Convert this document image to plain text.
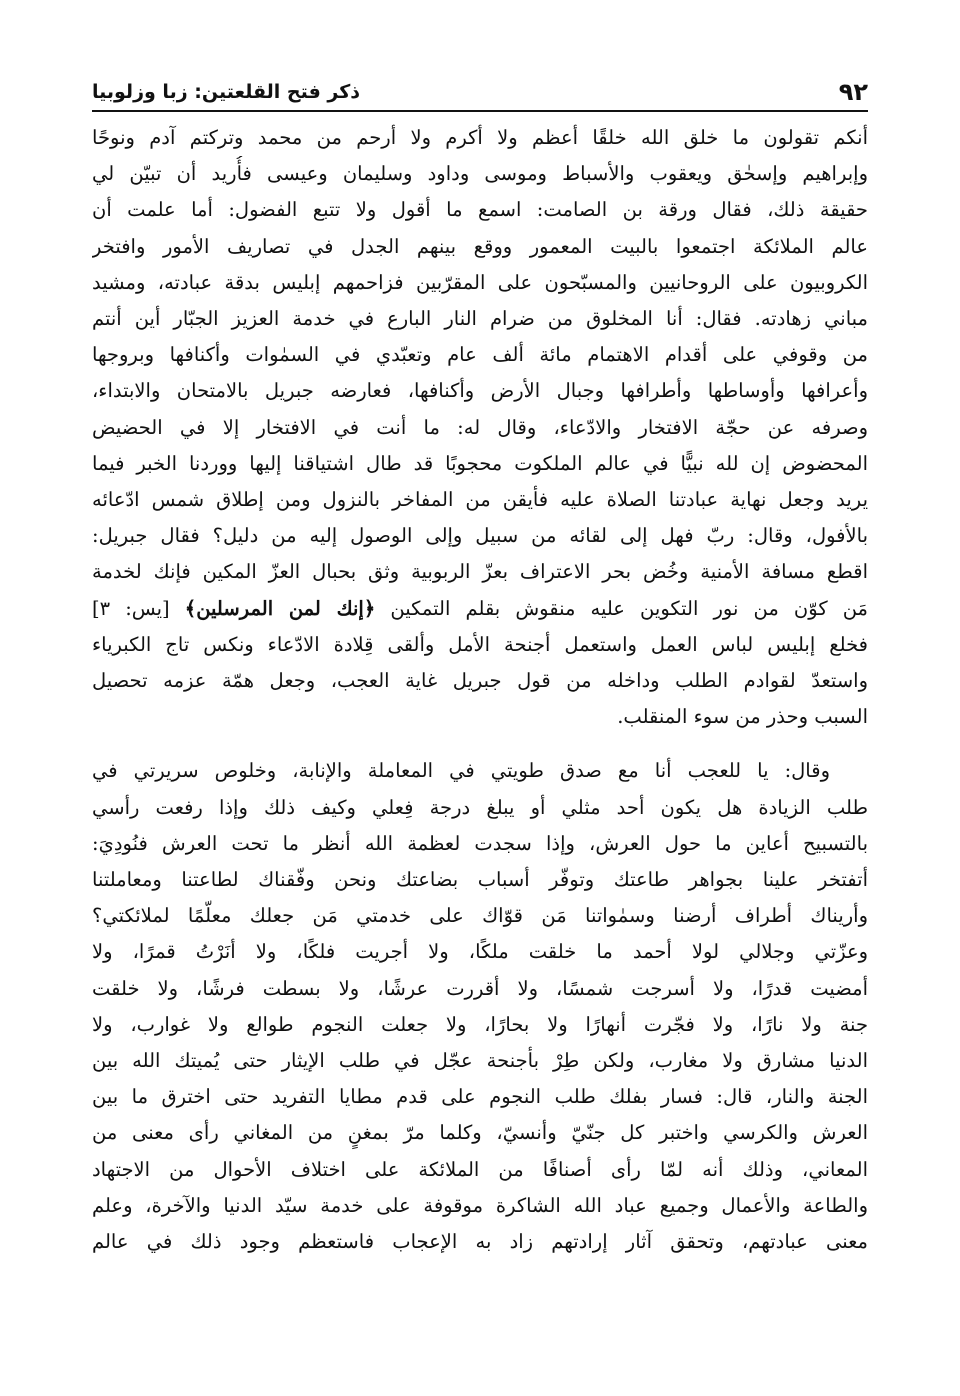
٩٢
ذكر فتح القلعتين: زبا وزلوبيا
أنكم تقولون ما خلق الله خلقًا أعظم ولا أكرم ولا أرحم من محمد وتركتم آدم ونوحًا
وإبراهيم وإسحٰق ويعقوب والأسباط وموسى وداود وسليمان وعيسى فأُريد أن تبيّن لي
حقيقة ذلك، فقال ورقة بن الصامت: اسمع ما أقول ولا تتبع الفضول: أما علمت أن
عالم الملائكة اجتمعوا بالبيت المعمور ووقع بينهم الجدل في تصاريف الأمور وافتخر
الكروبيون على الروحانيين والمسبّحون على المقرّبين فزاحمهم إبليس بدقة عبادته، ومشيد
مباني زهادته. فقال: أنا المخلوق من ضرام النار البارع في خدمة العزيز الجبّار أين أنتم
من وقوفي على أقدام الاهتمام مائة ألف عام وتعبّدي في السمٰوات وأكنافها وبروجها
وأعرافها وأوساطها وأطرافها وجبال الأرض وأكنافها، فعارضه جبريل بالامتحان والابتداء،
وصرفه عن حجّة الافتخار والادّعاء، وقال له: ما أنت في الافتخار إلا في الحضيض
المحضوض إن لله نبيًّا في عالم الملكوت محجوبًا قد طال اشتياقنا إليها ووردنا الخبر فيما
يريد وجعل نهاية عبادتنا الصلاة عليه فأيقن من المفاخر بالنزول ومن إطلاق شمس ادّعائه
بالأفول، وقال: ربّ فهل إلى لقائه من سبيل وإلى الوصول إليه من دليل؟ فقال جبريل:
اقطع مسافة الأمنية وخُض بحر الاعتراف بعزّ الربوبية وثق بحبال العزّ المكين فإنك لخدمة
مَن كوّن من نور التكوين عليه منقوش بقلم التمكين ﴿إنك لمن المرسلين﴾ [يس: ٣]
فخلع إبليس لباس العمل واستعمل أجنحة الأمل وألقى قِلادة الادّعاء ونكس تاج الكبرياء
واستعدّ لقوادم الطلب وداخله من قول جبريل غاية العجب، وجعل همّة عزمه تحصيل
السبب وحذر من سوء المنقلب.
وقال: يا للعجب أنا مع صدق طويتي في المعاملة والإنابة، وخلوص سريرتي في
طلب الزيادة هل يكون أحد مثلي أو يبلغ درجة فِعلي وكيف ذلك وإذا رفعت رأسي
بالتسبيح أعاين ما حول العرش، وإذا سجدت لعظمة الله أنظر ما تحت العرش فنُودِيَ:
أتفتخر علينا بجواهر طاعتك وتوفّر أسباب بضاعتك ونحن وفّقناك لطاعتنا ومعاملتنا
وأريناك أطراف أرضنا وسمٰواتنا مَن قوّاك على خدمتي مَن جعلك معلّمًا لملائكتي؟
وعزّتي وجلالي لولا أحمد ما خلقت ملكًا، ولا أجريت فلكًا، ولا أنَرْتُ قمرًا، ولا
أمضيت قدرًا، ولا أسرجت شمسًا، ولا أقررت عرشًا، ولا بسطت فرشًا، ولا خلقت
جنة ولا نارًا، ولا فجّرت أنهارًا ولا بحارًا، ولا جعلت النجوم طوالع ولا غوارب، ولا
الدنيا مشارق ولا مغارب، ولكن طِرْ بأجنحة عجّل في طلب الإيثار حتى يُميتك الله بين
الجنة والنار، قال: فسار بفلك طلب النجوم على قدم مطايا التفريد حتى اخترق ما بين
العرش والكرسي واختبر كل جنّيّ وأنسيّ، وكلما مرّ بمغنٍ من المغاني رأى معنى من
المعاني، وذلك أنه لمّا رأى أصنافًا من الملائكة على اختلاف الأحوال من الاجتهاد
والطاعة والأعمال وجميع عباد الله الشاكرة موقوفة على خدمة سيّد الدنيا والآخرة، وعلم
معنى عبادتهم، وتحقق آثار إرادتهم زاد به الإعجاب فاستعظم وجود ذلك في عالم
